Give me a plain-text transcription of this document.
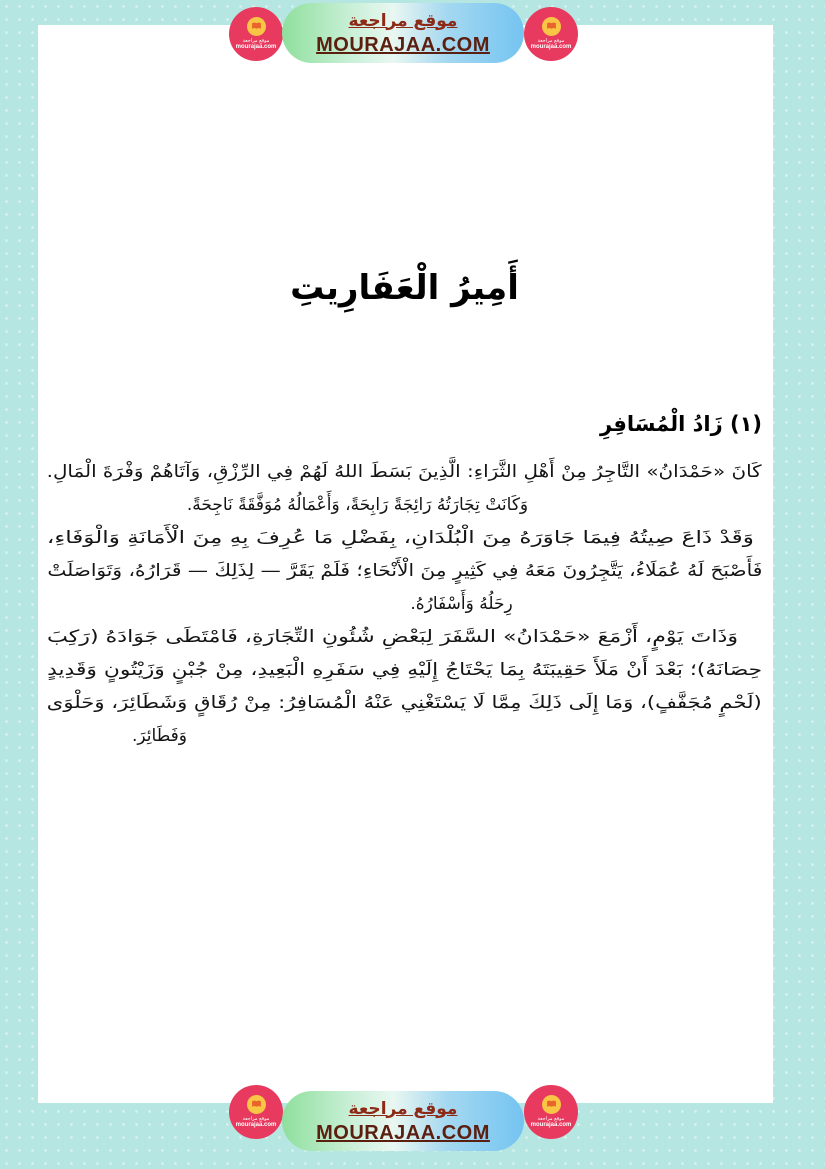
موقع مراجعة
mourajaa.com
موقع مراجعة
MOURAJAA.COM	موقع مراجعة
mourajaa.com
أَمِيرُ الْعَفَارِيتِ
(١) زَادُ الْمُسَافِرِ
كَانَ «حَمْدَانُ» التَّاجِرُ مِنْ أَهْلِ الثَّرَاءِ: الَّذِينَ بَسَطَ اللهُ لَهُمْ فِي الرِّزْقِ، وَآتَاهُمْ وَفْرَةَ الْمَالِ.
وَكَانَتْ تِجَارَتُهُ رَائِجَةً رَابِحَةً، وَأَعْمَالُهُ مُوَفَّقَةً نَاجِحَةً.
وَقَدْ ذَاعَ صِيتُهُ فِيمَا جَاوَرَهُ مِنَ الْبُلْدَانِ، بِفَضْلِ مَا عُرِفَ بِهِ مِنَ الْأَمَانَةِ وَالْوَفَاءِ،
فَأَصْبَحَ لَهُ عُمَلَاءُ، يَتَّجِرُونَ مَعَهُ فِي كَثِيرٍ مِنَ الْأَنْحَاءِ؛ فَلَمْ يَقَرَّ — لِذَلِكَ — قَرَارُهُ، وَتَوَاصَلَتْ
رِحَلُهُ وَأَسْفَارُهُ.
وَذَاتَ يَوْمٍ، أَزْمَعَ «حَمْدَانُ» السَّفَرَ لِبَعْضِ شُئُونِ التِّجَارَةِ، فَامْتَطَى جَوَادَهُ (رَكِبَ
حِصَانَهُ)؛ بَعْدَ أَنْ مَلَأَ حَقِيبَتَهُ بِمَا يَحْتَاجُ إِلَيْهِ فِي سَفَرِهِ الْبَعِيدِ، مِنْ جُبْنٍ وَزَيْتُونٍ وَقَدِيدٍ
(لَحْمٍ مُجَفَّفٍ)، وَمَا إِلَى ذَلِكَ مِمَّا لَا يَسْتَغْنِي عَنْهُ الْمُسَافِرُ: مِنْ رُقَاقٍ وَشَطَائِرَ، وَحَلْوَى
وَفَطَائِرَ.
موقع مراجعة
mourajaa.com
موقع مراجعة
MOURAJAA.COM
موقع مراجعة
mourajaa.com
